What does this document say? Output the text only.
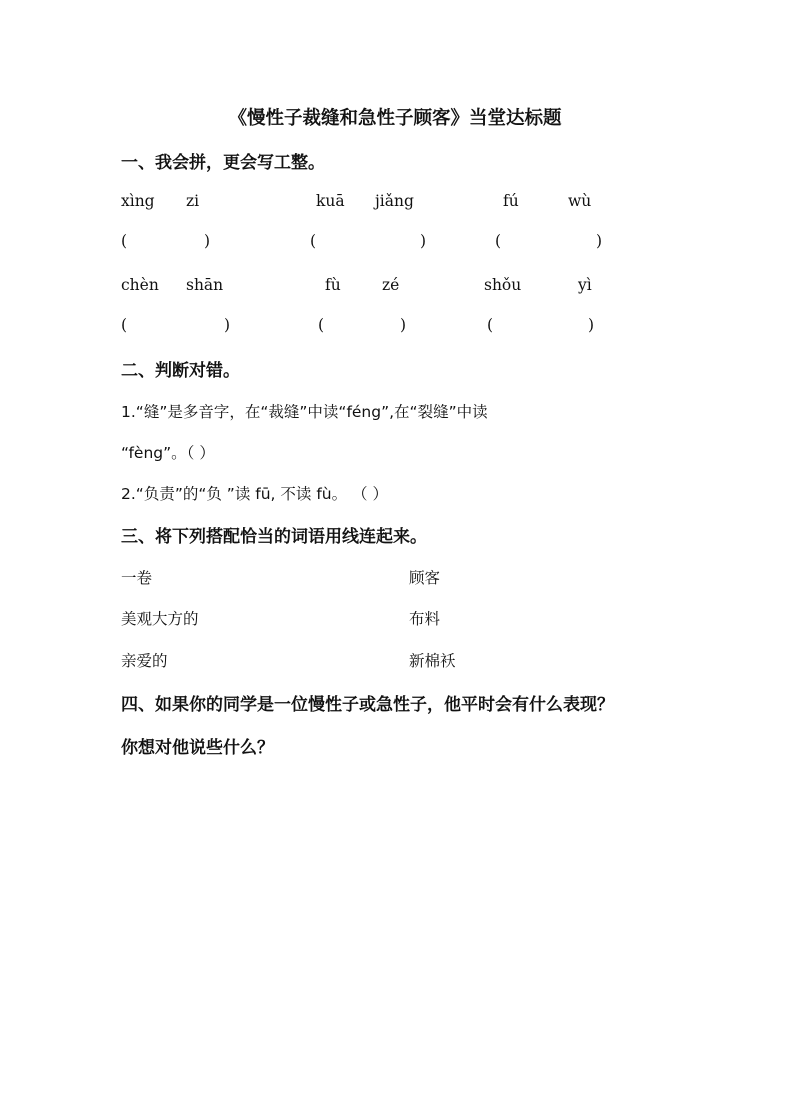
《慢性子裁缝和急性子顾客》当堂达标题
一、我会拼，更会写工整。
xìng zi	kuā jiǎng	fú	wù
(	)	(	)	(	)
chèn shān	fù	zé	shǒu	yì
(	)	(	)	(	)
二、判断对错。
1.“缝”是多音字，在“裁缝”中读“féng”,在“裂缝”中读
“fèng”。（ ）
2.“负责”的“负 ”读 fū, 不读 fù。 （ ）
三、将下列搭配恰当的词语用线连起来。
一卷	顾客
美观大方的	布料
亲爱的	新棉袄
四、如果你的同学是一位慢性子或急性子，他平时会有什么表现？
你想对他说些什么？
